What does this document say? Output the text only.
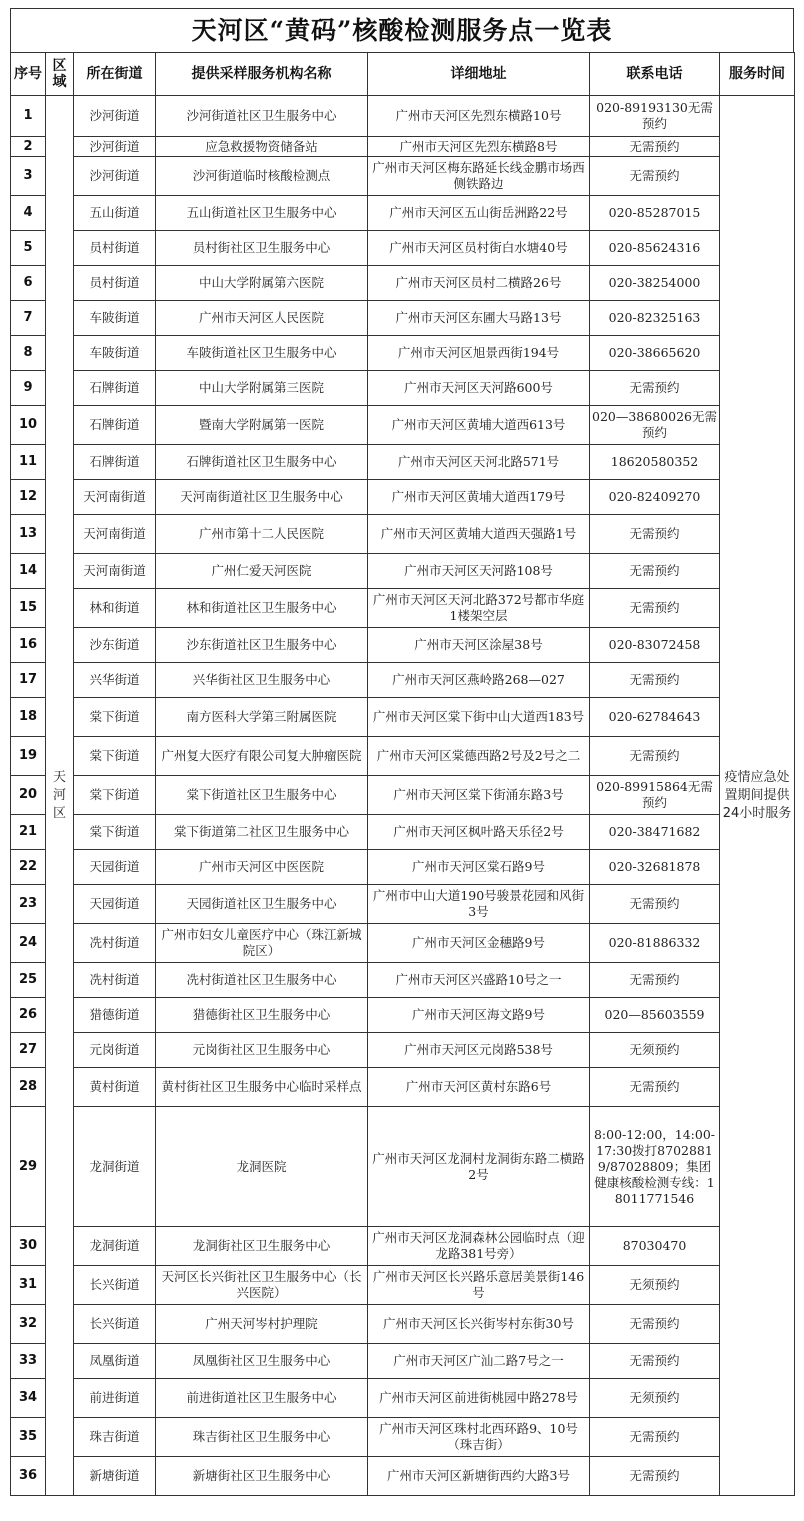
天河区“黄码”核酸检测服务点一览表
序号	区域	所在街道	提供采样服务机构名称	详细地址	联系电话	服务时间
1	天河区	沙河街道	沙河街道社区卫生服务中心	广州市天河区先烈东横路10号	020-89193130无需预约	疫情应急处置期间提供24小时服务
2		沙河街道	应急救援物资储备站	广州市天河区先烈东横路8号	无需预约	
3		沙河街道	沙河街道临时核酸检测点	广州市天河区梅东路延长线金鹏市场西侧铁路边	无需预约	
4		五山街道	五山街道社区卫生服务中心	广州市天河区五山街岳洲路22号	020-85287015	
5		员村街道	员村街社区卫生服务中心	广州市天河区员村街白水塘40号	020-85624316	
6		员村街道	中山大学附属第六医院	广州市天河区员村二横路26号	020-38254000	
7		车陂街道	广州市天河区人民医院	广州市天河区东圃大马路13号	020-82325163	
8		车陂街道	车陂街道社区卫生服务中心	广州市天河区旭景西街194号	020-38665620	
9		石牌街道	中山大学附属第三医院	广州市天河区天河路600号	无需预约	
10		石牌街道	暨南大学附属第一医院	广州市天河区黄埔大道西613号	020—38680026无需预约	
11		石牌街道	石牌街道社区卫生服务中心	广州市天河区天河北路571号	18620580352	
12		天河南街道	天河南街道社区卫生服务中心	广州市天河区黄埔大道西179号	020-82409270	
13		天河南街道	广州市第十二人民医院	广州市天河区黄埔大道西天强路1号	无需预约	
14		天河南街道	广州仁爱天河医院	广州市天河区天河路108号	无需预约	
15		林和街道	林和街道社区卫生服务中心	广州市天河区天河北路372号都市华庭1楼架空层	无需预约	
16		沙东街道	沙东街道社区卫生服务中心	广州市天河区涂屋38号	020-83072458	
17		兴华街道	兴华街社区卫生服务中心	广州市天河区燕岭路268—027	无需预约	
18		棠下街道	南方医科大学第三附属医院	广州市天河区棠下街中山大道西183号	020-62784643	
19		棠下街道	广州复大医疗有限公司复大肿瘤医院	广州市天河区棠德西路2号及2号之二	无需预约	
20		棠下街道	棠下街道社区卫生服务中心	广州市天河区棠下街涌东路3号	020-89915864无需预约	
21		棠下街道	棠下街道第二社区卫生服务中心	广州市天河区枫叶路天乐径2号	020-38471682	
22		天园街道	广州市天河区中医医院	广州市天河区棠石路9号	020-32681878	
23		天园街道	天园街道社区卫生服务中心	广州市中山大道190号骏景花园和风街3号	无需预约	
24		冼村街道	广州市妇女儿童医疗中心（珠江新城院区）	广州市天河区金穗路9号	020-81886332	
25		冼村街道	冼村街道社区卫生服务中心	广州市天河区兴盛路10号之一	无需预约	
26		猎德街道	猎德街社区卫生服务中心	广州市天河区海文路9号	020—85603559	
27		元岗街道	元岗街社区卫生服务中心	广州市天河区元岗路538号	无须预约	
28		黄村街道	黄村街社区卫生服务中心临时采样点	广州市天河区黄村东路6号	无需预约	
29		龙洞街道	龙洞医院	广州市天河区龙洞村龙洞街东路二横路2号	8:00-12:00，14:00-17:30拨打87028819/87028809；集团健康核酸检测专线：18011771546	
30		龙洞街道	龙洞街社区卫生服务中心	广州市天河区龙洞森林公园临时点（迎龙路381号旁）	87030470	
31		长兴街道	天河区长兴街社区卫生服务中心（长兴医院）	广州市天河区长兴路乐意居美景街146号	无须预约	
32		长兴街道	广州天河岑村护理院	广州市天河区长兴街岑村东街30号	无需预约	
33		凤凰街道	凤凰街社区卫生服务中心	广州市天河区广汕二路7号之一	无需预约	
34		前进街道	前进街道社区卫生服务中心	广州市天河区前进街桃园中路278号	无须预约	
35		珠吉街道	珠吉街社区卫生服务中心	广州市天河区珠村北西环路9、10号（珠吉街）	无需预约	
36		新塘街道	新塘街社区卫生服务中心	广州市天河区新塘街西约大路3号	无需预约	
